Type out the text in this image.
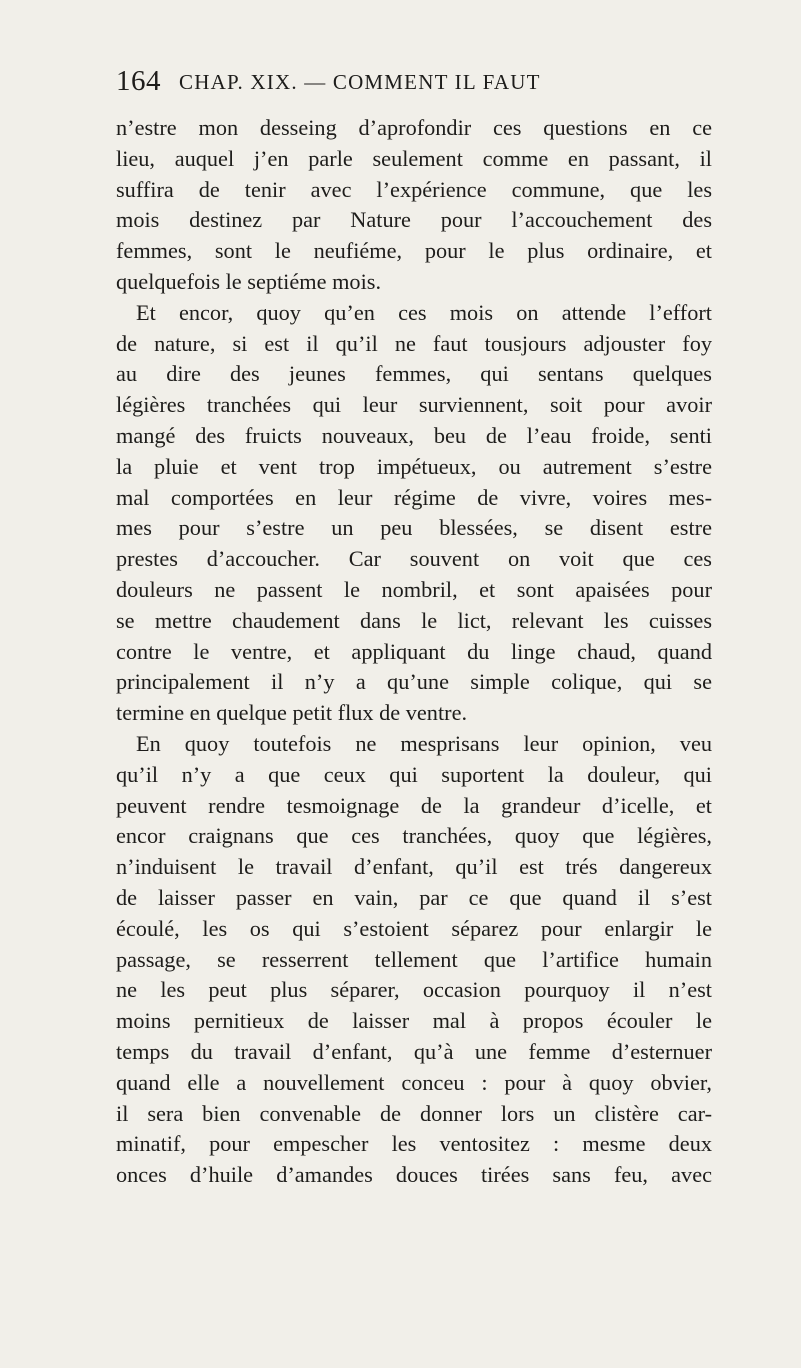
164 CHAP. XIX. — COMMENT IL FAUT
n’estre mon desseing d’aprofondir ces questions en ce
lieu, auquel j’en parle seulement comme en passant, il
suffira de tenir avec l’expérience commune, que les
mois destinez par Nature pour l’accouchement des
femmes, sont le neufiéme, pour le plus ordinaire, et
quelquefois le septiéme mois.
Et encor, quoy qu’en ces mois on attende l’effort
de nature, si est il qu’il ne faut tousjours adjouster foy
au dire des jeunes femmes, qui sentans quelques
légières tranchées qui leur surviennent, soit pour avoir
mangé des fruicts nouveaux, beu de l’eau froide, senti
la pluie et vent trop impétueux, ou autrement s’estre
mal comportées en leur régime de vivre, voires mes-
mes pour s’estre un peu blessées, se disent estre
prestes d’accoucher. Car souvent on voit que ces
douleurs ne passent le nombril, et sont apaisées pour
se mettre chaudement dans le lict, relevant les cuisses
contre le ventre, et appliquant du linge chaud, quand
principalement il n’y a qu’une simple colique, qui se
termine en quelque petit flux de ventre.
En quoy toutefois ne mesprisans leur opinion, veu
qu’il n’y a que ceux qui suportent la douleur, qui
peuvent rendre tesmoignage de la grandeur d’icelle, et
encor craignans que ces tranchées, quoy que légières,
n’induisent le travail d’enfant, qu’il est trés dangereux
de laisser passer en vain, par ce que quand il s’est
écoulé, les os qui s’estoient séparez pour enlargir le
passage, se resserrent tellement que l’artifice humain
ne les peut plus séparer, occasion pourquoy il n’est
moins pernitieux de laisser mal à propos écouler le
temps du travail d’enfant, qu’à une femme d’esternuer
quand elle a nouvellement conceu : pour à quoy obvier,
il sera bien convenable de donner lors un clistère car-
minatif, pour empescher les ventositez : mesme deux
onces d’huile d’amandes douces tirées sans feu, avec
